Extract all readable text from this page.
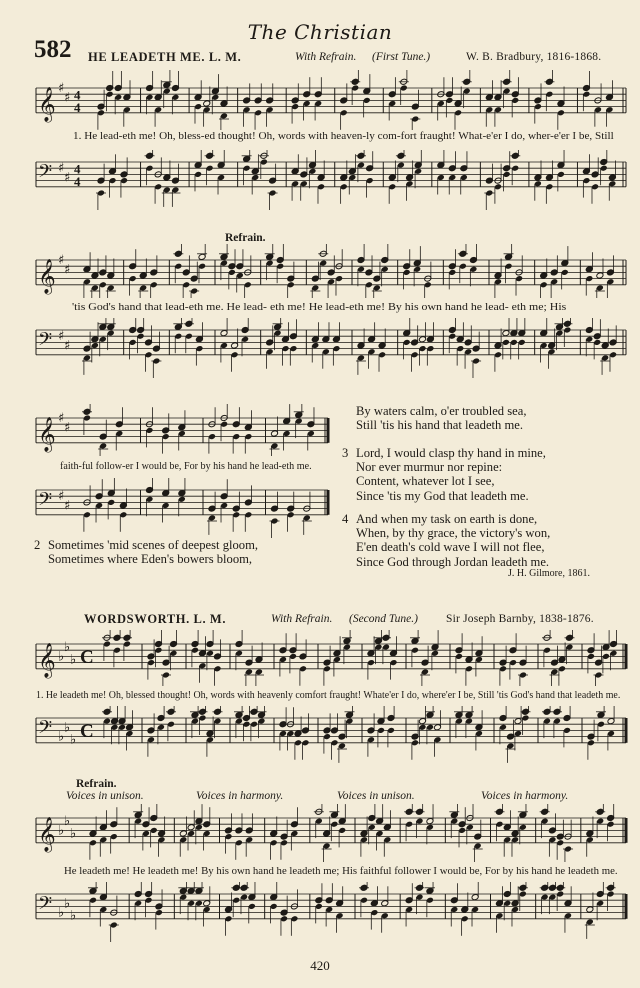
The Christian
582 HE LEADETH ME. L. M.	With Refrain. (First Tune.)	W. B. Bradbury, 1816-1868.
𝄞 ♯
♯ 4
4
1. He lead-eth me! Oh, bless-ed thought! Oh, words with heaven-ly com-fort fraught! What-e'er I do, wher-e'er I be, Still
𝄢 ♯
♯
4
4
Refrain.
𝄞 ♯
♯
'tis God's hand that lead-eth me. He lead- eth me! He lead-eth me! By his own hand he lead- eth me; His
𝄢 ♯
♯
𝄞 ♯
♯
faith-ful follow-er I would be, For by his hand he lead-eth me.
𝄢 ♯
♯
2 Sometimes 'mid scenes of deepest gloom,
Sometimes where Eden's bowers bloom,
By waters calm, o'er troubled sea,
Still 'tis his hand that leadeth me.
3 Lord, I would clasp thy hand in mine,
Nor ever murmur nor repine:
Content, whatever lot I see,
Since 'tis my God that leadeth me.
4 And when my task on earth is done,
When, by thy grace, the victory's won,
E'en death's cold wave I will not flee,
Since God through Jordan leadeth me.
J. H. Gilmore, 1861.
WORDSWORTH. L. M.	With Refrain. (Second Tune.) Sir Joseph Barnby, 1838-1876.
𝄞 ♭
♭
♭ C
1. He leadeth me! Oh, blessed thought! Oh, words with heavenly comfort fraught! Whate'er I do, where'er I be, Still 'tis God's hand that leadeth me.
𝄢 ♭
♭
♭ C
Refrain.
Voices in unison.	Voices in harmony.	Voices in unison.	Voices in harmony.
𝄞 ♭
♭
♭
He leadeth me! He leadeth me! By his own hand he leadeth me; His faithful follower I would be, For by his hand he leadeth me.
𝄢 ♭
♭
♭
420
